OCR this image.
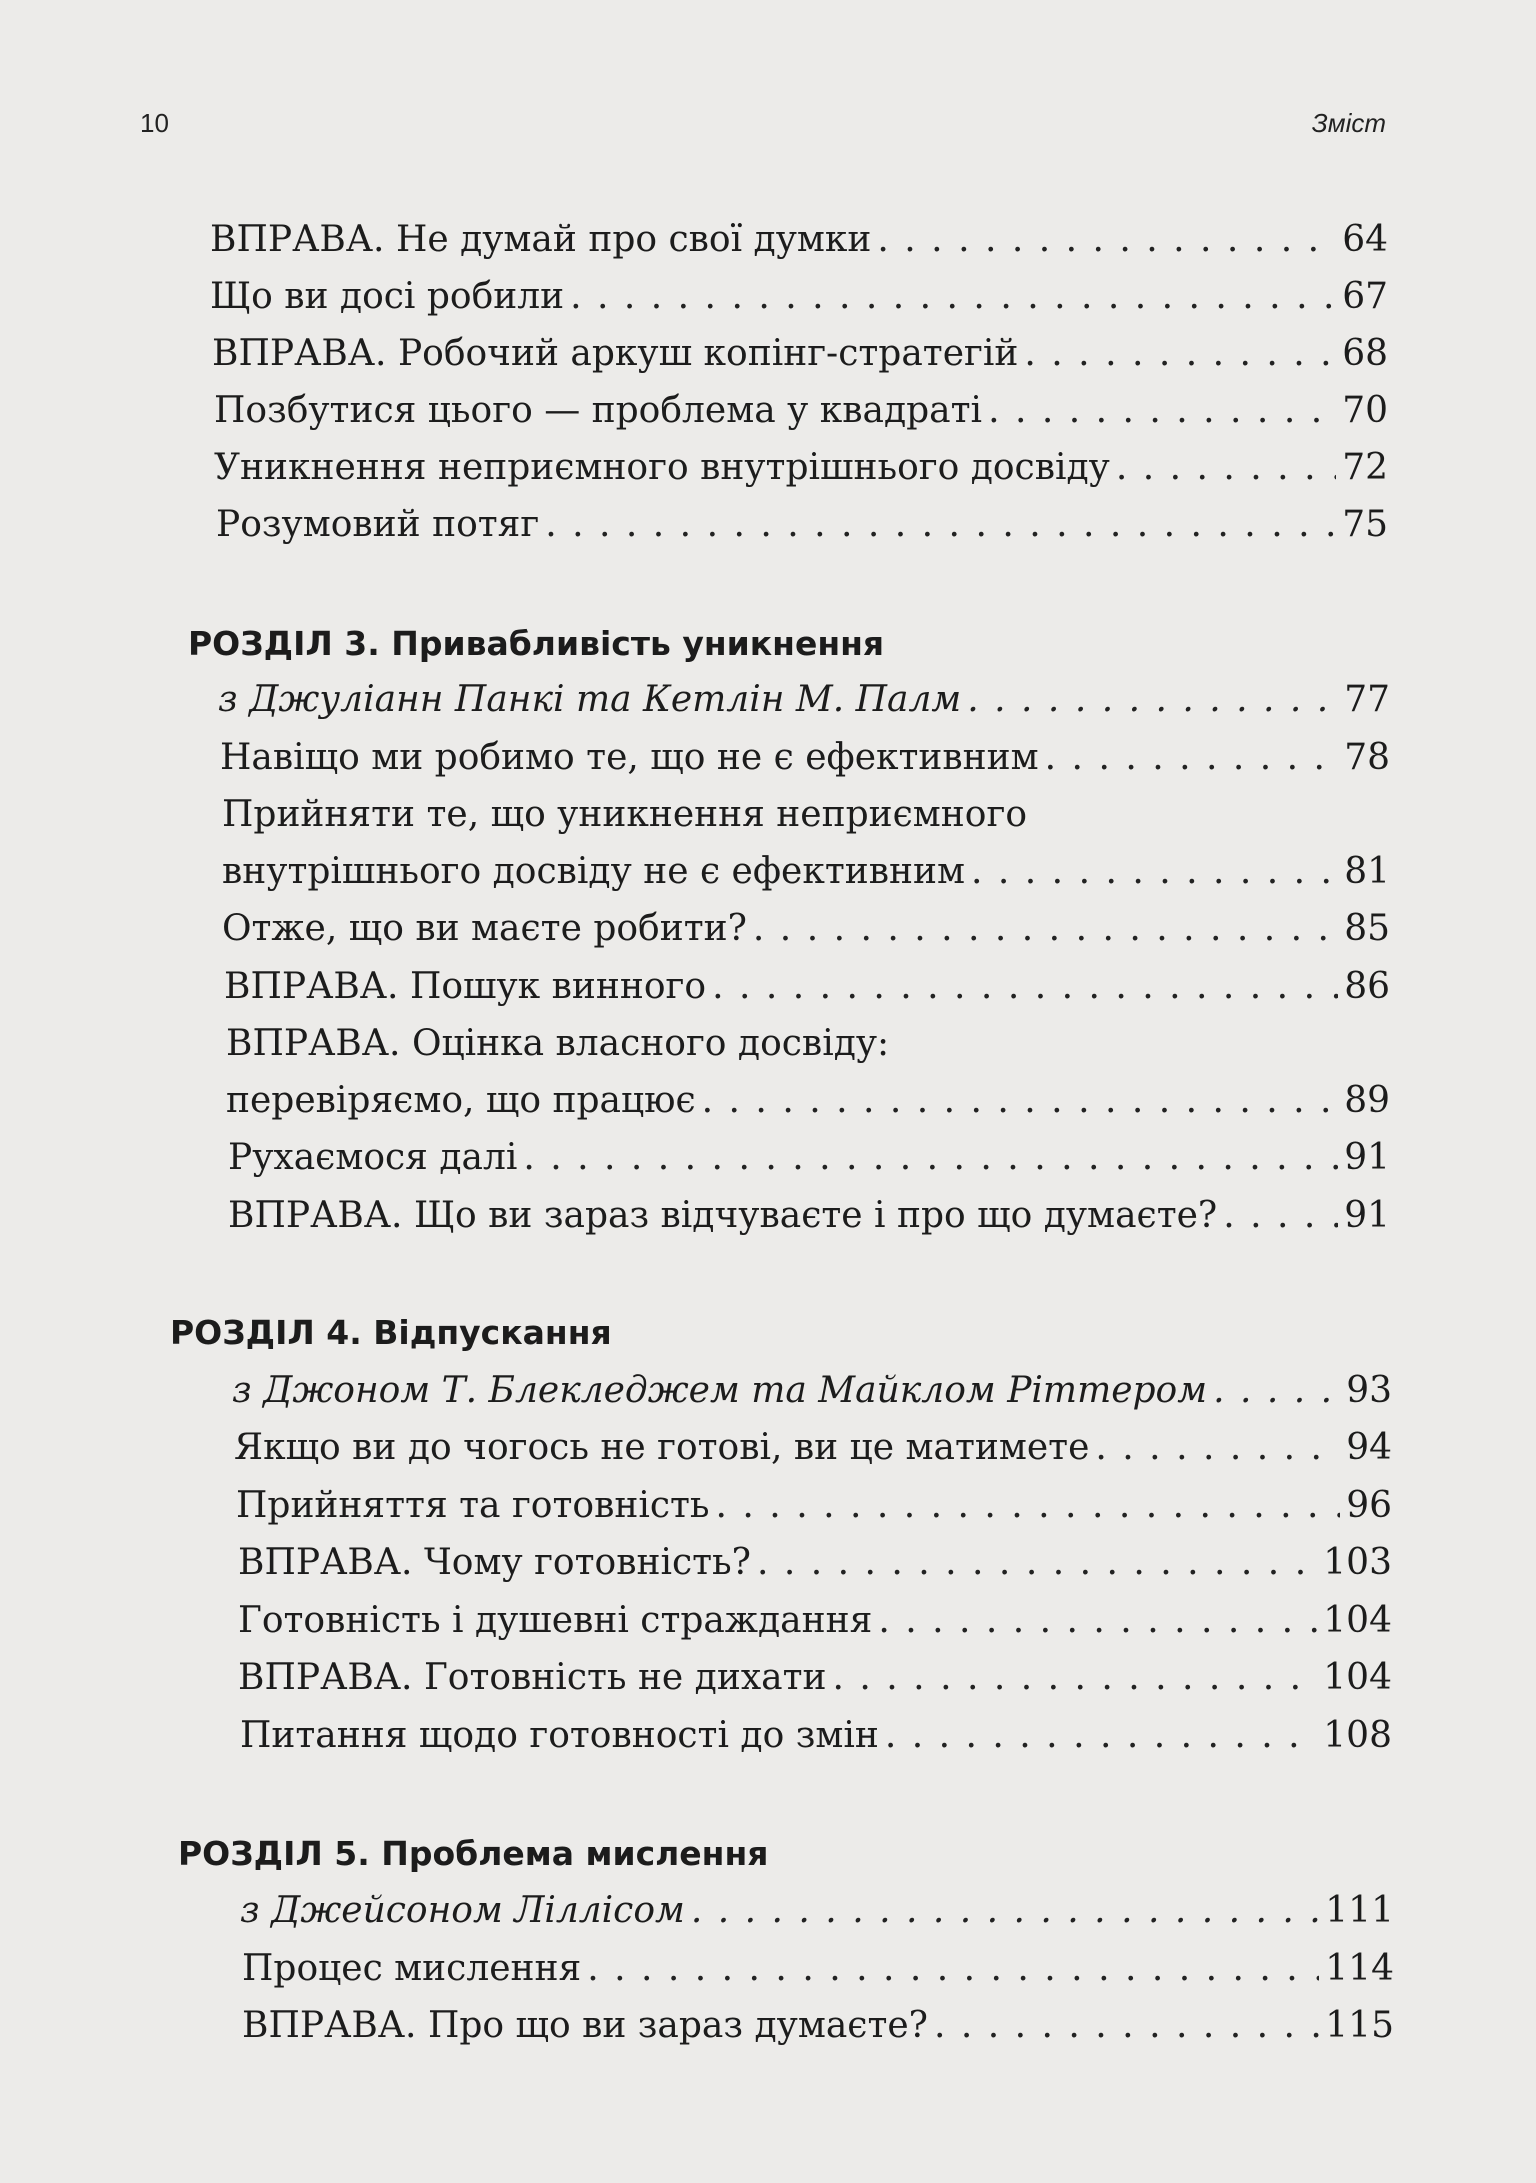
10	Зміст
ВПРАВА. Не думай про свої думки . . .	64
Що ви досі робили . . .	67
ВПРАВА. Робочий аркуш копінг-стратегій . . .	68
Позбутися цього — проблема у квадраті . . .	70
Уникнення неприємного внутрішнього досвіду . . .	72
Розумовий потяг . . .	75
РОЗДІЛ 3. Привабливість уникнення
з Джуліанн Панкі та Кетлін М. Палм . . .	77
Навіщо ми робимо те, що не є ефективним . . .	78
Прийняти те, що уникнення неприємного
внутрішнього досвіду не є ефективним . . .	81
Отже, що ви маєте робити? . . .	85
ВПРАВА. Пошук винного . . .	86
ВПРАВА. Оцінка власного досвіду:
перевіряємо, що працює . . .	89
Рухаємося далі . . .	91
ВПРАВА. Що ви зараз відчуваєте і про що думаєте? . . .	91
РОЗДІЛ 4. Відпускання
з Джоном Т. Блекледжем та Майклом Ріттером . . .	93
Якщо ви до чогось не готові, ви це матимете . . .	94
Прийняття та готовність . . .	96
ВПРАВА. Чому готовність? . . .	103
Готовність і душевні страждання . . .	104
ВПРАВА. Готовність не дихати . . .	104
Питання щодо готовності до змін . . .	108
РОЗДІЛ 5. Проблема мислення
з Джейсоном Ліллісом . . .	111
Процес мислення . . .	114
ВПРАВА. Про що ви зараз думаєте? . . .	115
